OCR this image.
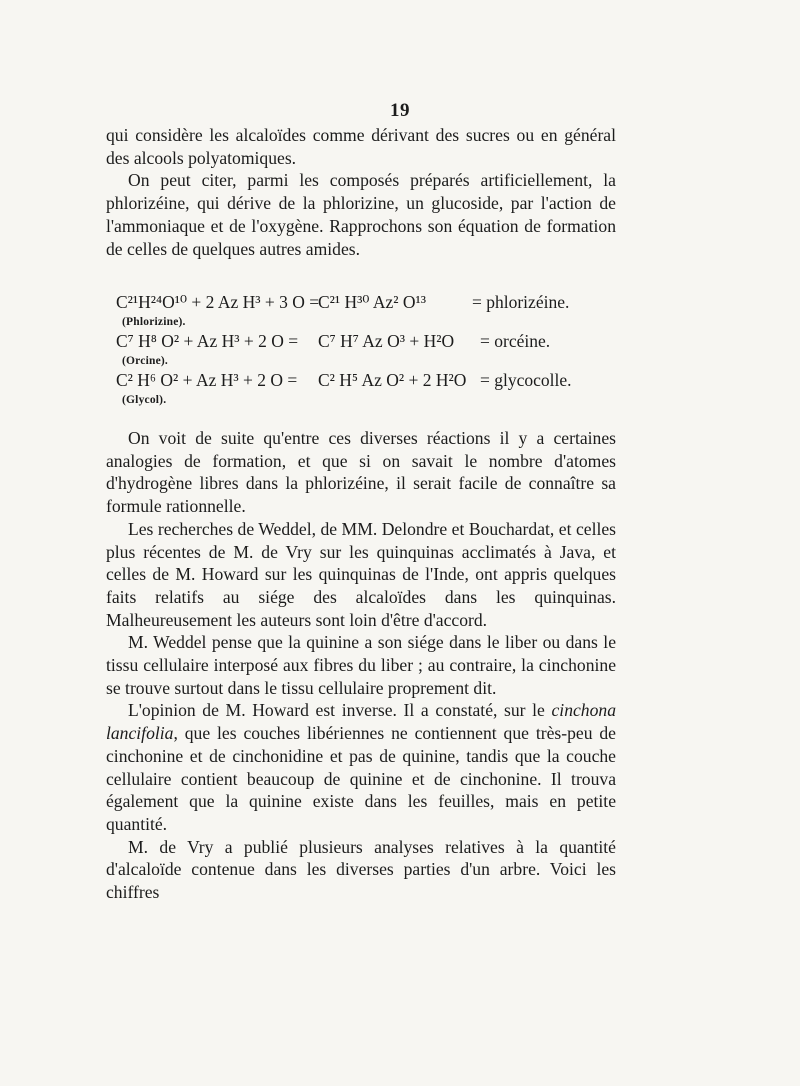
19

qui considère les alcaloïdes comme dérivant des sucres ou en général des alcools polyatomiques.

On peut citer, parmi les composés préparés artificiellement, la phlorizéine, qui dérive de la phlorizine, un glucoside, par l'action de l'ammoniaque et de l'oxygène. Rapprochons son équation de formation de celles de quelques autres amides.

C²¹H²⁴O¹⁰ + 2 Az H³ + 3 O =
C²¹ H³⁰ Az² O¹³	= phlorizéine.
(Phlorizine).
C⁷ H⁸ O² + Az H³ + 2 O = C⁷ H⁷ Az O³ + H²O = orcéine.
(Orcine).
C² H⁶ O² + Az H³ + 2 O = C² H⁵ Az O² + 2 H²O = glycocolle.
(Glycol).

On voit de suite qu'entre ces diverses réactions il y a certaines analogies de formation, et que si on savait le nombre d'atomes d'hydrogène libres dans la phlorizéine, il serait facile de connaître sa formule rationnelle.

Les recherches de Weddel, de MM. Delondre et Bouchardat, et celles plus récentes de M. de Vry sur les quinquinas acclimatés à Java, et celles de M. Howard sur les quinquinas de l'Inde, ont appris quelques faits relatifs au siége des alcaloïdes dans les quinquinas. Malheureusement les auteurs sont loin d'être d'accord.

M. Weddel pense que la quinine a son siége dans le liber ou dans le tissu cellulaire interposé aux fibres du liber ; au contraire, la cinchonine se trouve surtout dans le tissu cellulaire proprement dit.

L'opinion de M. Howard est inverse. Il a constaté, sur le cinchona lancifolia, que les couches libériennes ne contiennent que très-peu de cinchonine et de cinchonidine et pas de quinine, tandis que la couche cellulaire contient beaucoup de quinine et de cinchonine. Il trouva également que la quinine existe dans les feuilles, mais en petite quantité.

M. de Vry a publié plusieurs analyses relatives à la quantité d'alcaloïde contenue dans les diverses parties d'un arbre. Voici les chiffres
